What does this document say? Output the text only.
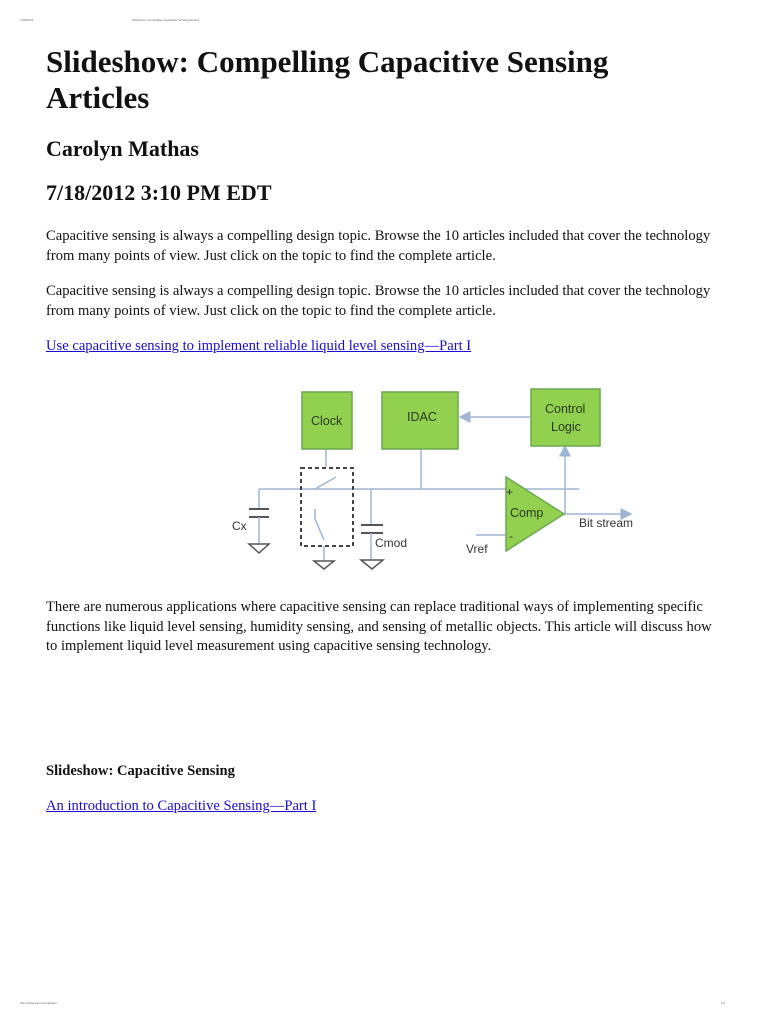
7/18/2012	Slideshow: Compelling Capacitive Sensing Articles
Slideshow: Compelling Capacitive Sensing Articles
Carolyn Mathas
7/18/2012 3:10 PM EDT

Capacitive sensing is always a compelling design topic. Browse the 10 articles included that cover the technology from many points of view. Just click on the topic to find the complete article.

Capacitive sensing is always a compelling design topic. Browse the 10 articles included that cover the technology from many points of view. Just click on the topic to find the complete article.

Use capacitive sensing to implement reliable liquid level sensing—Part I
Clock	IDAC
Control
Logic
Comp
+
-
Bit stream
Vref
Cx
Cmod

There are numerous applications where capacitive sensing can replace traditional ways of implementing specific functions like liquid level sensing, humidity sensing, and sensing of metallic objects. This article will discuss how to implement liquid level measurement using capacitive sensing technology.

Slideshow: Capacitive Sensing
An introduction to Capacitive Sensing—Part I
http://www.edn.com/design/	1/2
